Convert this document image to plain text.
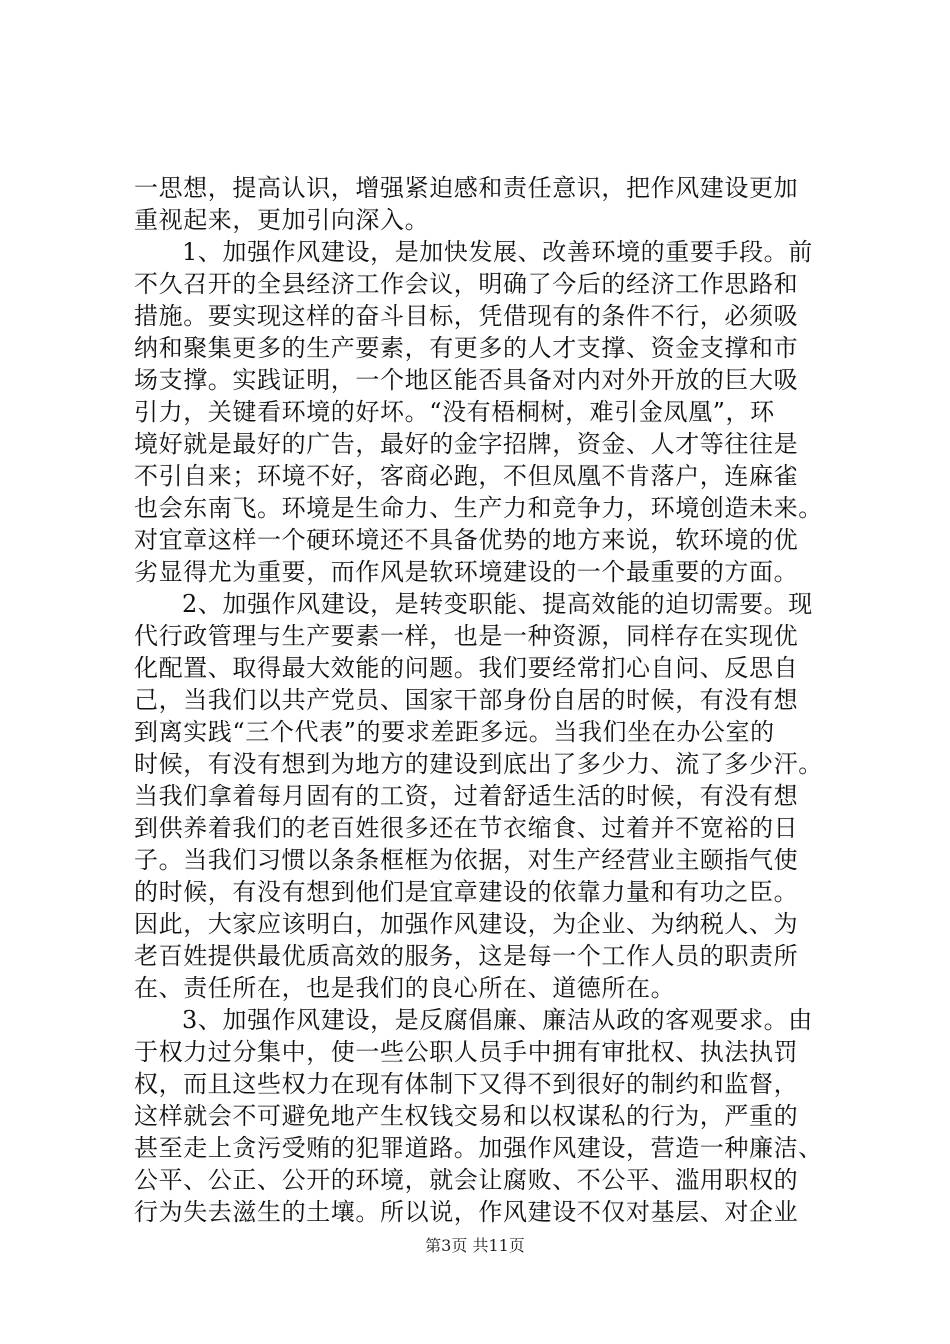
一思想，提高认识，增强紧迫感和责任意识，把作风建设更加
重视起来，更加引向深入。
1、加强作风建设，是加快发展、改善环境的重要手段。前
不久召开的全县经济工作会议，明确了今后的经济工作思路和
措施。要实现这样的奋斗目标，凭借现有的条件不行，必须吸
纳和聚集更多的生产要素，有更多的人才支撑、资金支撑和市
场支撑。实践证明，一个地区能否具备对内对外开放的巨大吸
引力，关键看环境的好坏。“没有梧桐树，难引金凤凰”，环
境好就是最好的广告，最好的金字招牌，资金、人才等往往是
不引自来；环境不好，客商必跑，不但凤凰不肯落户，连麻雀
也会东南飞。环境是生命力、生产力和竞争力，环境创造未来。
对宜章这样一个硬环境还不具备优势的地方来说，软环境的优
劣显得尤为重要，而作风是软环境建设的一个最重要的方面。
2、加强作风建设，是转变职能、提高效能的迫切需要。现
代行政管理与生产要素一样，也是一种资源，同样存在实现优
化配置、取得最大效能的问题。我们要经常扪心自问、反思自
己，当我们以共产党员、国家干部身份自居的时候，有没有想
到离实践“三个代表”的要求差距多远。当我们坐在办公室的
时候，有没有想到为地方的建设到底出了多少力、流了多少汗。
当我们拿着每月固有的工资，过着舒适生活的时候，有没有想
到供养着我们的老百姓很多还在节衣缩食、过着并不宽裕的日
子。当我们习惯以条条框框为依据，对生产经营业主颐指气使
的时候，有没有想到他们是宜章建设的依靠力量和有功之臣。
因此，大家应该明白，加强作风建设，为企业、为纳税人、为
老百姓提供最优质高效的服务，这是每一个工作人员的职责所
在、责任所在，也是我们的良心所在、道德所在。
3、加强作风建设，是反腐倡廉、廉洁从政的客观要求。由
于权力过分集中，使一些公职人员手中拥有审批权、执法执罚
权，而且这些权力在现有体制下又得不到很好的制约和监督，
这样就会不可避免地产生权钱交易和以权谋私的行为，严重的
甚至走上贪污受贿的犯罪道路。加强作风建设，营造一种廉洁、
公平、公正、公开的环境，就会让腐败、不公平、滥用职权的
行为失去滋生的土壤。所以说，作风建设不仅对基层、对企业
第3页 共11页
